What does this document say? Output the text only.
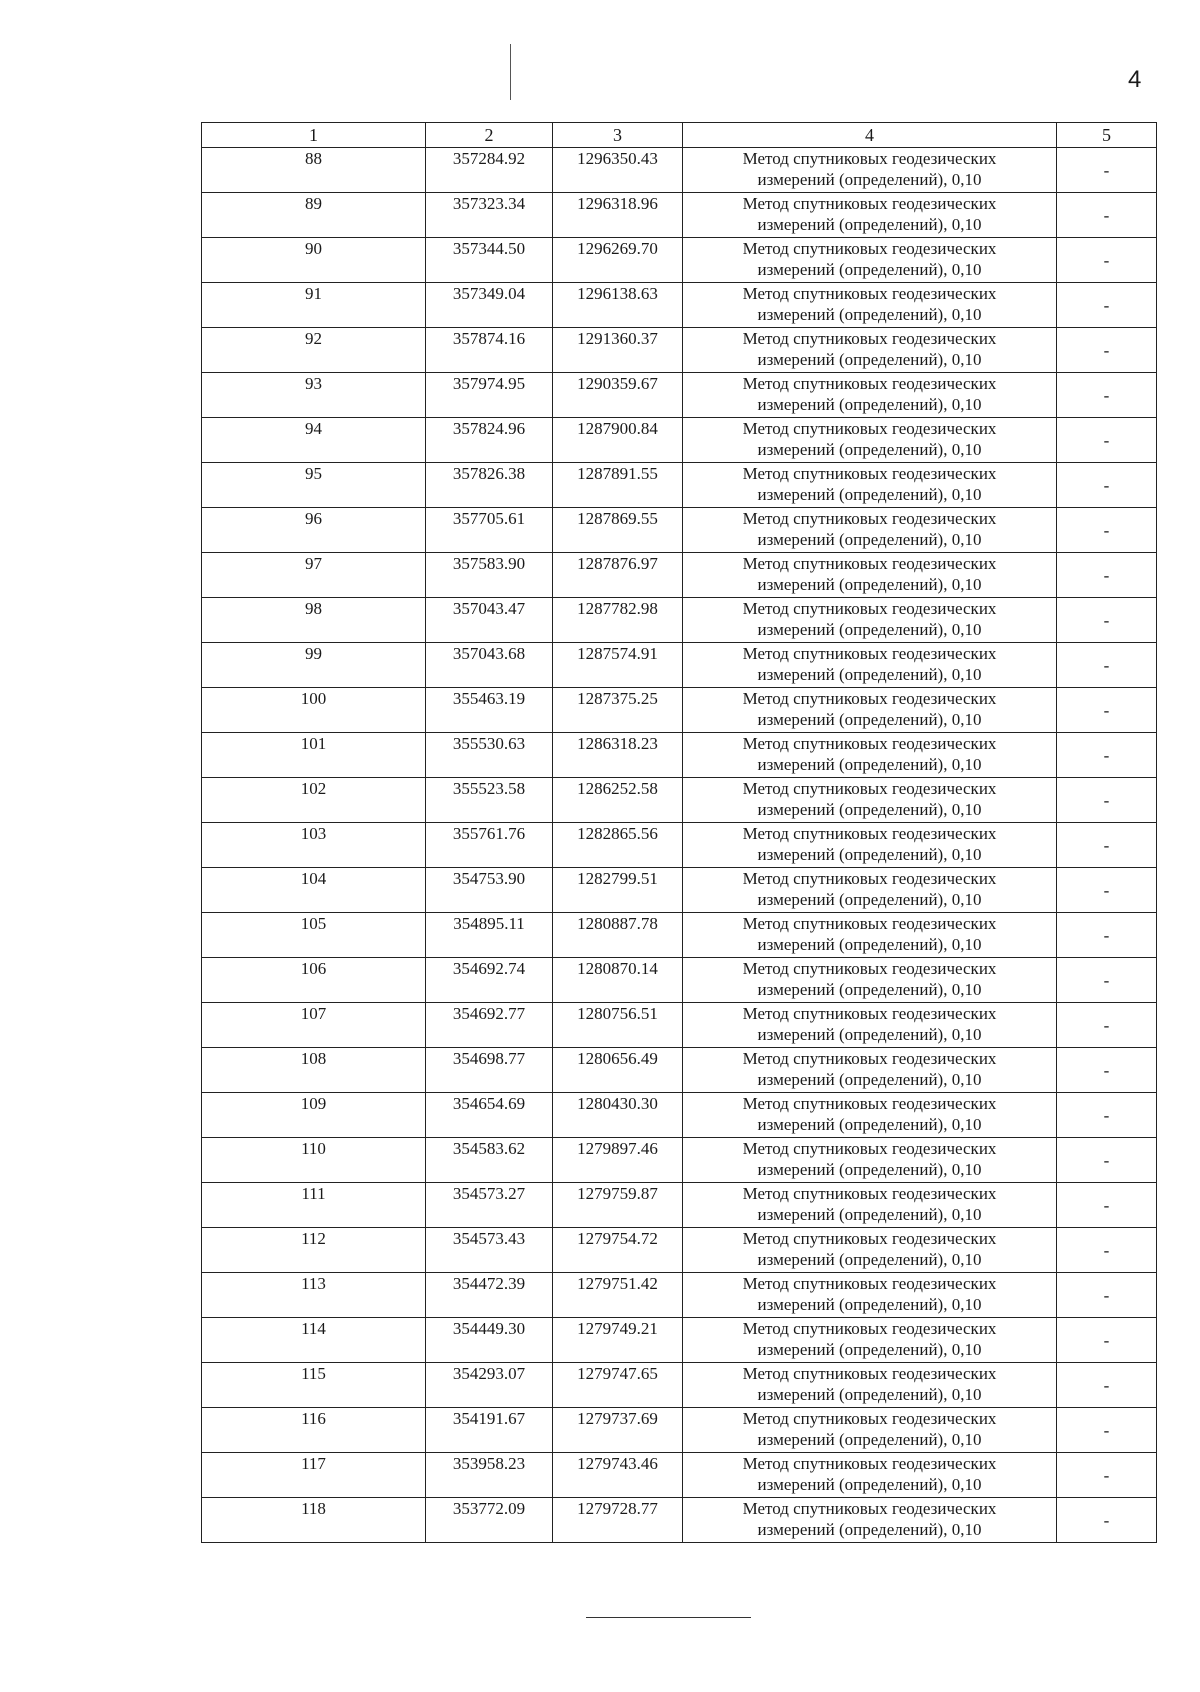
4
1	2	3	4	5
88	357284.92	1296350.43	Метод спутниковых геодезических
измерений (определений), 0,10	-
89	357323.34	1296318.96	Метод спутниковых геодезических
измерений (определений), 0,10	-
90	357344.50	1296269.70	Метод спутниковых геодезических
измерений (определений), 0,10	-
91	357349.04	1296138.63	Метод спутниковых геодезических
измерений (определений), 0,10	-
92	357874.16	1291360.37	Метод спутниковых геодезических
измерений (определений), 0,10	-
93	357974.95	1290359.67	Метод спутниковых геодезических
измерений (определений), 0,10	-
94	357824.96	1287900.84	Метод спутниковых геодезических
измерений (определений), 0,10	-
95	357826.38	1287891.55	Метод спутниковых геодезических
измерений (определений), 0,10	-
96	357705.61	1287869.55	Метод спутниковых геодезических
измерений (определений), 0,10	-
97	357583.90	1287876.97	Метод спутниковых геодезических
измерений (определений), 0,10	-
98	357043.47	1287782.98	Метод спутниковых геодезических
измерений (определений), 0,10	-
99	357043.68	1287574.91	Метод спутниковых геодезических
измерений (определений), 0,10	-
100	355463.19	1287375.25	Метод спутниковых геодезических
измерений (определений), 0,10	-
101	355530.63	1286318.23	Метод спутниковых геодезических
измерений (определений), 0,10	-
102	355523.58	1286252.58	Метод спутниковых геодезических
измерений (определений), 0,10	-
103	355761.76	1282865.56	Метод спутниковых геодезических
измерений (определений), 0,10	-
104	354753.90	1282799.51	Метод спутниковых геодезических
измерений (определений), 0,10	-
105	354895.11	1280887.78	Метод спутниковых геодезических
измерений (определений), 0,10	-
106	354692.74	1280870.14	Метод спутниковых геодезических
измерений (определений), 0,10	-
107	354692.77	1280756.51	Метод спутниковых геодезических
измерений (определений), 0,10	-
108	354698.77	1280656.49	Метод спутниковых геодезических
измерений (определений), 0,10	-
109	354654.69	1280430.30	Метод спутниковых геодезических
измерений (определений), 0,10	-
110	354583.62	1279897.46	Метод спутниковых геодезических
измерений (определений), 0,10	-
111	354573.27	1279759.87	Метод спутниковых геодезических
измерений (определений), 0,10	-
112	354573.43	1279754.72	Метод спутниковых геодезических
измерений (определений), 0,10	-
113	354472.39	1279751.42	Метод спутниковых геодезических
измерений (определений), 0,10	-
114	354449.30	1279749.21	Метод спутниковых геодезических
измерений (определений), 0,10	-
115	354293.07	1279747.65	Метод спутниковых геодезических
измерений (определений), 0,10	-
116	354191.67	1279737.69	Метод спутниковых геодезических
измерений (определений), 0,10	-
117	353958.23	1279743.46	Метод спутниковых геодезических
измерений (определений), 0,10	-
118	353772.09	1279728.77	Метод спутниковых геодезических
измерений (определений), 0,10	-
